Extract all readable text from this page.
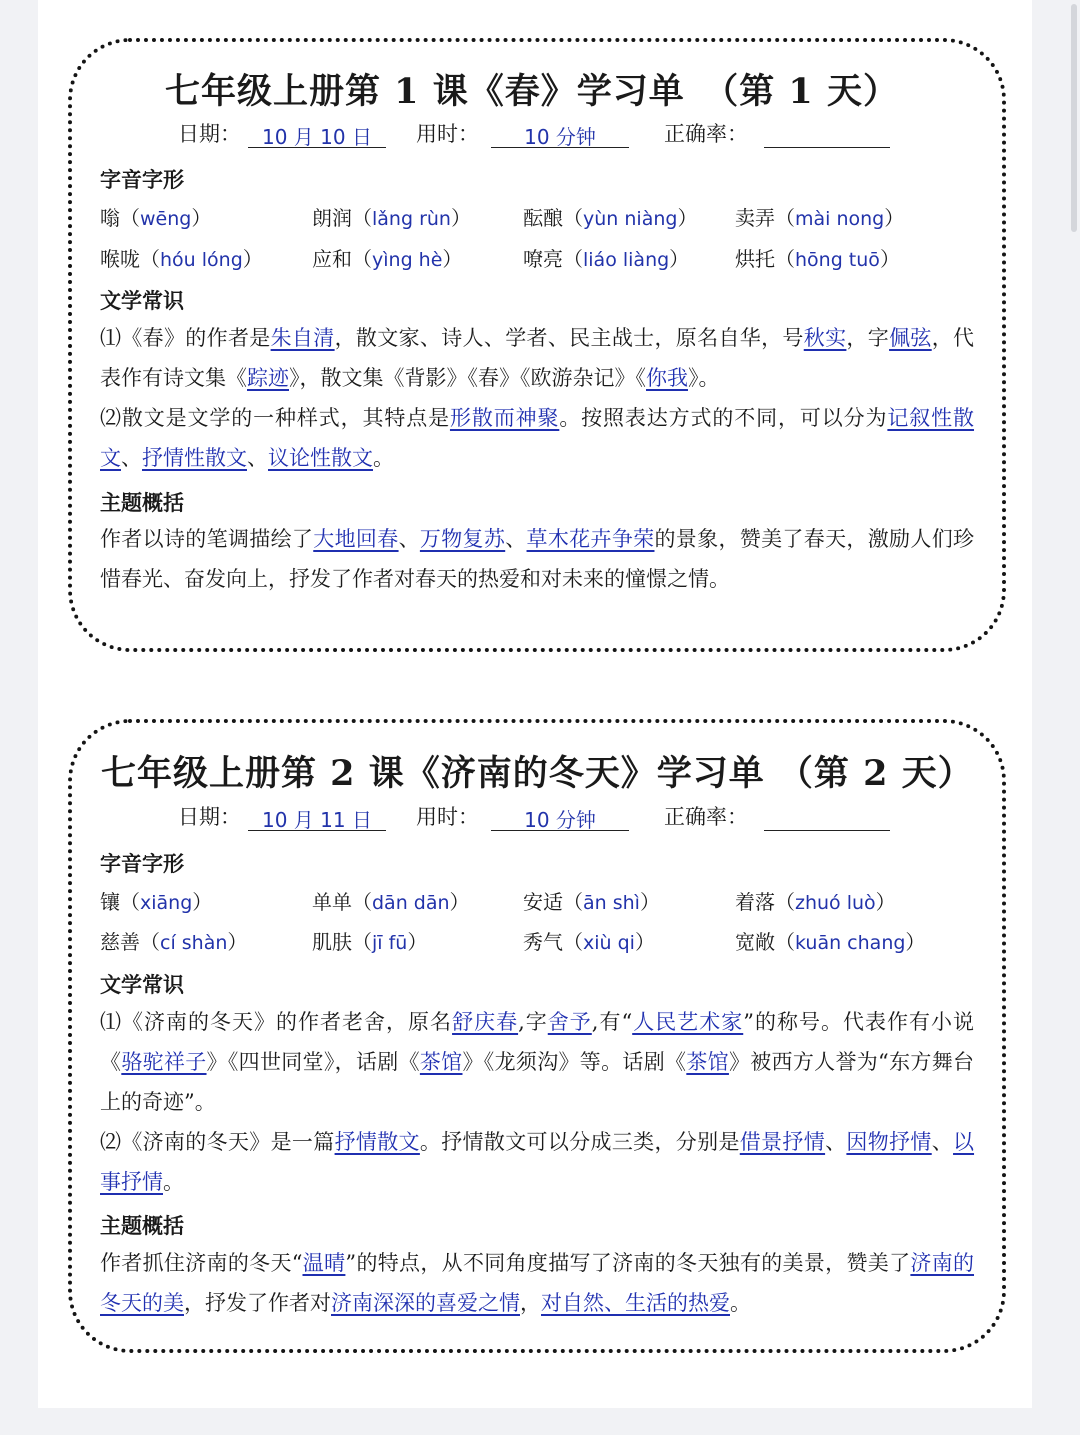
七年级上册第 1 课《春》学习单　（第 1 天）
日期：	10 月 10 日	用时：	10 分钟	正确率：
字音字形
嗡（wēng）	朗润（lǎng rùn）	酝酿（yùn niàng） 卖弄（mài nong）
喉咙（hóu lóng） 应和（yìng hè）	嘹亮（liáo liàng） 烘托（hōng tuō）
文学常识
⑴《春》的作者是朱自清，散文家、诗人、学者、民主战士，原名自华，号秋实，字佩弦，代表作有诗文集《踪迹》，散文集《背影》《春》《欧游杂记》《你我》。
⑵散文是文学的一种样式，其特点是形散而神聚。按照表达方式的不同，可以分为记叙性散文、抒情性散文、议论性散文。
主题概括
作者以诗的笔调描绘了大地回春、万物复苏、草木花卉争荣的景象，赞美了春天，激励人们珍惜春光、奋发向上，抒发了作者对春天的热爱和对未来的憧憬之情。
七年级上册第 2 课《济南的冬天》学习单 （第 2 天）
日期：	10 月 11 日	用时：	10 分钟	正确率：
字音字形
镶（xiāng）	单单（dān dān）	安适（ān shì）	着落（zhuó luò）
慈善（cí shàn）	肌肤（jī fū）	秀气（xiù qi）	宽敞（kuān chang）
文学常识
⑴《济南的冬天》的作者老舍，原名舒庆春,字舍予,有“人民艺术家”的称号。代表作有小说《骆驼祥子》《四世同堂》，话剧《茶馆》《龙须沟》等。话剧《茶馆》被西方人誉为“东方舞台上的奇迹”。
⑵《济南的冬天》是一篇抒情散文。抒情散文可以分成三类，分别是借景抒情、因物抒情、以事抒情。
主题概括
作者抓住济南的冬天“温晴”的特点，从不同角度描写了济南的冬天独有的美景，赞美了济南的冬天的美，抒发了作者对济南深深的喜爱之情，对自然、生活的热爱。
